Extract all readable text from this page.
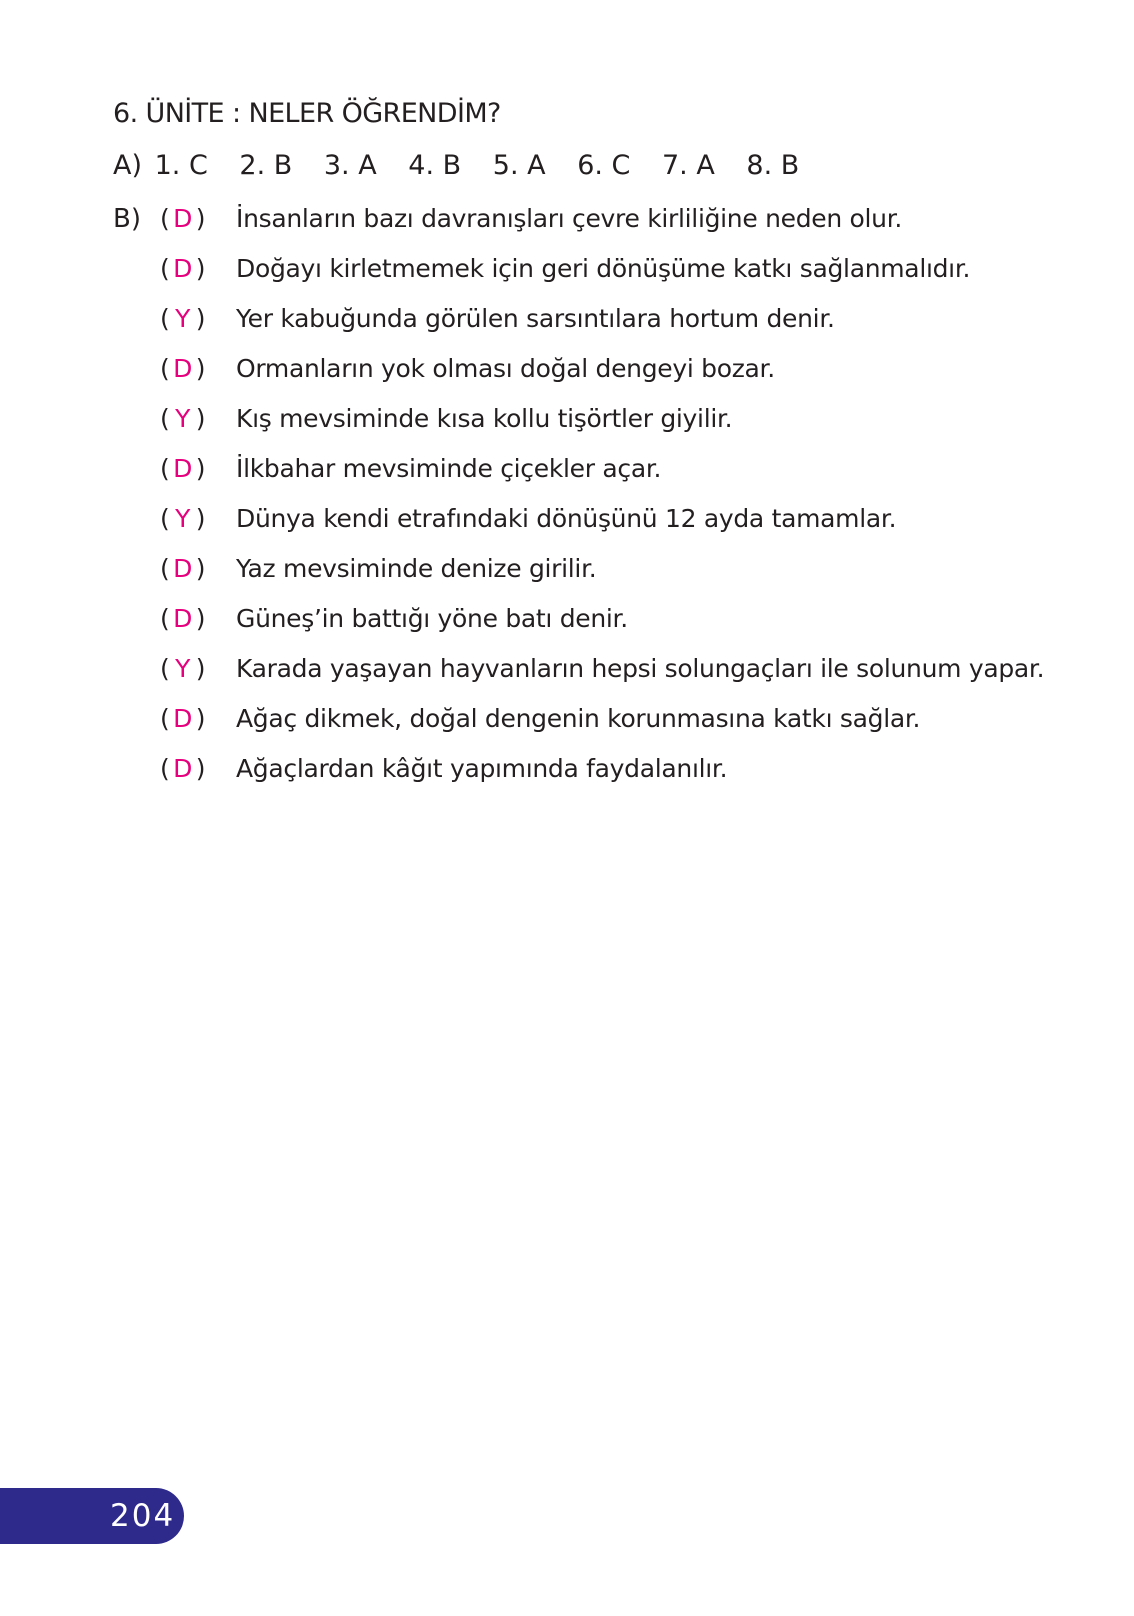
6. ÜNİTE : NELER ÖĞRENDİM?
A) 1. C 2. B 3. A 4. B 5. A 6. C 7. A 8. B
B) (D)	İnsanların bazı davranışları çevre kirliliğine neden olur.
(D)	Doğayı kirletmemek için geri dönüşüme katkı sağlanmalıdır.
( Y )	Yer kabuğunda görülen sarsıntılara hortum denir.
(D)	Ormanların yok olması doğal dengeyi bozar.
( Y )	Kış mevsiminde kısa kollu tişörtler giyilir.
(D)	İlkbahar mevsiminde çiçekler açar.
( Y )	Dünya kendi etrafındaki dönüşünü 12 ayda tamamlar.
(D)	Yaz mevsiminde denize girilir.
(D)	Güneş’in battığı yöne batı denir.
( Y )	Karada yaşayan hayvanların hepsi solungaçları ile solunum yapar.
(D)	Ağaç dikmek, doğal dengenin korunmasına katkı sağlar.
(D)	Ağaçlardan kâğıt yapımında faydalanılır.
204
